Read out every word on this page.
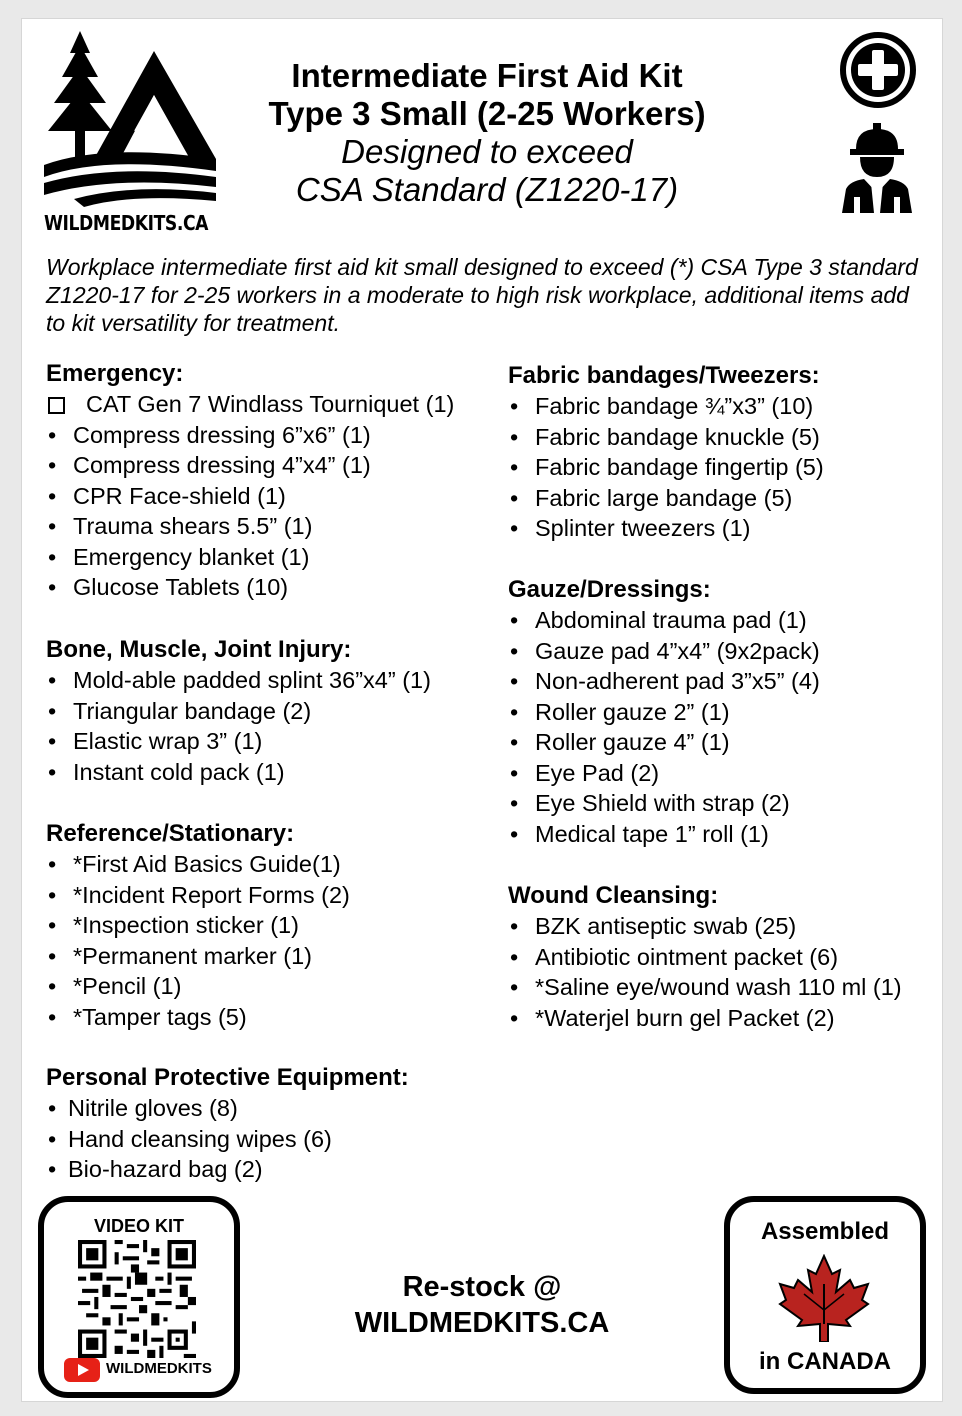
WILDMEDKITS.CA
Intermediate First Aid Kit
Type 3 Small (2-25 Workers)
Designed to exceed
CSA Standard (Z1220-17)
Workplace intermediate first aid kit small designed to exceed (*) CSA Type 3 standard Z1220-17 for 2-25 workers in a moderate to high risk workplace, additional items add to kit versatility for treatment.
Emergency:
CAT Gen 7 Windlass Tourniquet (1)
• Compress dressing 6”x6” (1)
• Compress dressing 4”x4” (1)
• CPR Face-shield (1)
• Trauma shears 5.5” (1)
• Emergency blanket (1)
• Glucose Tablets (10)
Bone, Muscle, Joint Injury:
• Mold-able padded splint 36”x4” (1)
• Triangular bandage (2)
• Elastic wrap 3” (1)
• Instant cold pack (1)
Reference/Stationary:
• *First Aid Basics Guide(1)
• *Incident Report Forms (2)
• *Inspection sticker (1)
• *Permanent marker (1)
• *Pencil (1)
• *Tamper tags (5)
Personal Protective Equipment:
• Nitrile gloves (8)
• Hand cleansing wipes (6)
• Bio-hazard bag (2)
Fabric bandages/Tweezers:
• Fabric bandage ¾”x3” (10)
• Fabric bandage knuckle (5)
• Fabric bandage fingertip (5)
• Fabric large bandage (5)
• Splinter tweezers (1)
Gauze/Dressings:
• Abdominal trauma pad (1)
• Gauze pad 4”x4” (9x2pack)
• Non-adherent pad 3”x5” (4)
• Roller gauze 2” (1)
• Roller gauze 4” (1)
• Eye Pad (2)
• Eye Shield with strap (2)
• Medical tape 1” roll (1)
Wound Cleansing:
• BZK antiseptic swab (25)
• Antibiotic ointment packet (6)
• *Saline eye/wound wash 110 ml (1)
• *Waterjel burn gel Packet (2)
VIDEO KIT
WILDMEDKITS
Re-stock @
WILDMEDKITS.CA
Assembled
in CANADA
